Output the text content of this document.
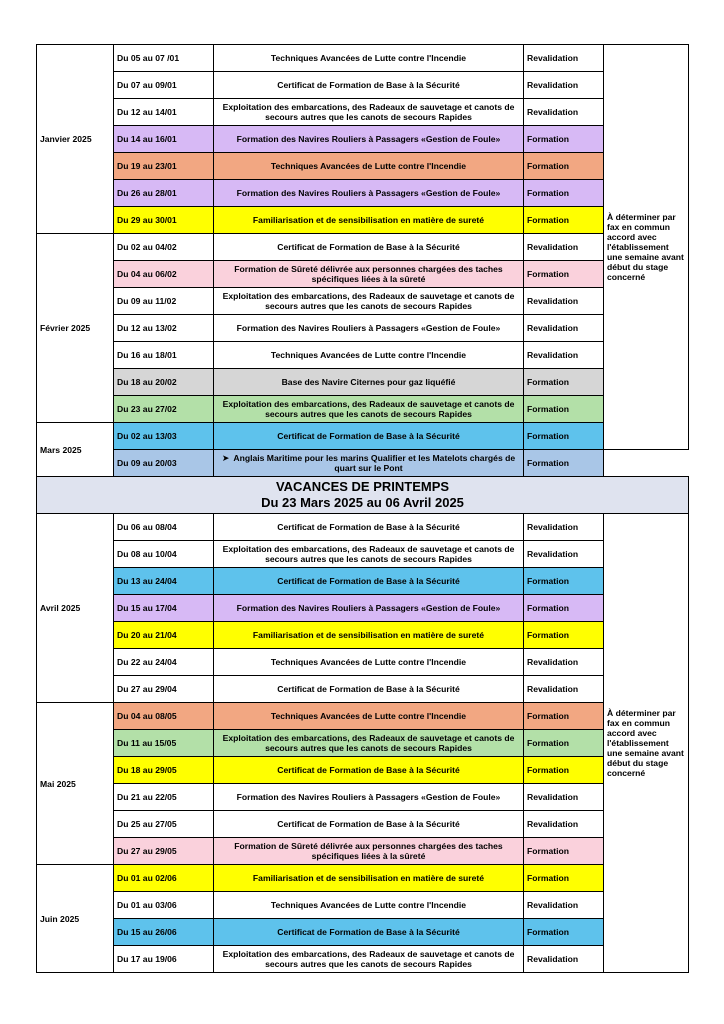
Janvier 2025	Du 05 au 07 /01	Techniques Avancées de Lutte contre l'Incendie	Revalidation	À déterminer par fax en commun accord avec l'établissement une semaine avant début du stage concerné
	Du 07 au 09/01	Certificat de Formation de Base à la Sécurité	Revalidation	
	Du 12 au 14/01	Exploitation des embarcations, des Radeaux de sauvetage et canots de secours autres que les canots de secours Rapides	Revalidation	
	Du 14 au 16/01	Formation des Navires Rouliers à Passagers «Gestion de Foule»	Formation	
	Du 19 au 23/01	Techniques Avancées de Lutte contre l'Incendie	Formation	
	Du 26 au 28/01	Formation des Navires Rouliers à Passagers «Gestion de Foule»	Formation	
	Du 29 au 30/01	Familiarisation et de sensibilisation en matière de sureté	Formation	
Février 2025	Du 02 au 04/02	Certificat de Formation de Base à la Sécurité	Revalidation	
	Du 04 au 06/02	Formation de Sûreté délivrée aux personnes chargées des taches spécifiques liées à la sûreté	Formation	
	Du 09 au 11/02	Exploitation des embarcations, des Radeaux de sauvetage et canots de secours autres que les canots de secours Rapides	Revalidation	
	Du 12 au 13/02	Formation des Navires Rouliers à Passagers «Gestion de Foule»	Revalidation	
	Du 16 au 18/01	Techniques Avancées de Lutte contre l'Incendie	Revalidation	
	Du 18 au 20/02	Base des Navire Citernes pour gaz liquéfié	Formation	
	Du 23 au 27/02	Exploitation des embarcations, des Radeaux de sauvetage et canots de secours autres que les canots de secours Rapides	Formation	
Mars 2025	Du 02 au 13/03	Certificat de Formation de Base à la Sécurité	Formation	
	Du 09 au 20/03	➤ Anglais Maritime pour les marins Qualifier et les Matelots chargés de quart sur le Pont	Formation	

VACANCES DE PRINTEMPS
Du 23 Mars 2025 au 06 Avril 2025				

Avril 2025	Du 06 au 08/04	Certificat de Formation de Base à la Sécurité	Revalidation	À déterminer par fax en commun accord avec l'établissement une semaine avant début du stage concerné
	Du 08 au 10/04	Exploitation des embarcations, des Radeaux de sauvetage et canots de secours autres que les canots de secours Rapides	Revalidation	
	Du 13 au 24/04	Certificat de Formation de Base à la Sécurité	Formation	
	Du 15 au 17/04	Formation des Navires Rouliers à Passagers «Gestion de Foule»	Formation	
	Du 20 au 21/04	Familiarisation et de sensibilisation en matière de sureté	Formation	
	Du 22 au 24/04	Techniques Avancées de Lutte contre l'Incendie	Revalidation	
	Du 27 au 29/04	Certificat de Formation de Base à la Sécurité	Revalidation	
Mai 2025	Du 04 au 08/05	Techniques Avancées de Lutte contre l'Incendie	Formation	
	Du 11 au 15/05	Exploitation des embarcations, des Radeaux de sauvetage et canots de secours autres que les canots de secours Rapides	Formation	
	Du 18 au 29/05	Certificat de Formation de Base à la Sécurité	Formation	
	Du 21 au 22/05	Formation des Navires Rouliers à Passagers «Gestion de Foule»	Revalidation	
	Du 25 au 27/05	Certificat de Formation de Base à la Sécurité	Revalidation	
	Du 27 au 29/05	Formation de Sûreté délivrée aux personnes chargées des taches spécifiques liées à la sûreté	Formation	
Juin 2025	Du 01 au 02/06	Familiarisation et de sensibilisation en matière de sureté	Formation	
	Du 01 au 03/06	Techniques Avancées de Lutte contre l'Incendie	Revalidation	
	Du 15 au 26/06	Certificat de Formation de Base à la Sécurité	Formation	
	Du 17 au 19/06	Exploitation des embarcations, des Radeaux de sauvetage et canots de secours autres que les canots de secours Rapides	Revalidation	
